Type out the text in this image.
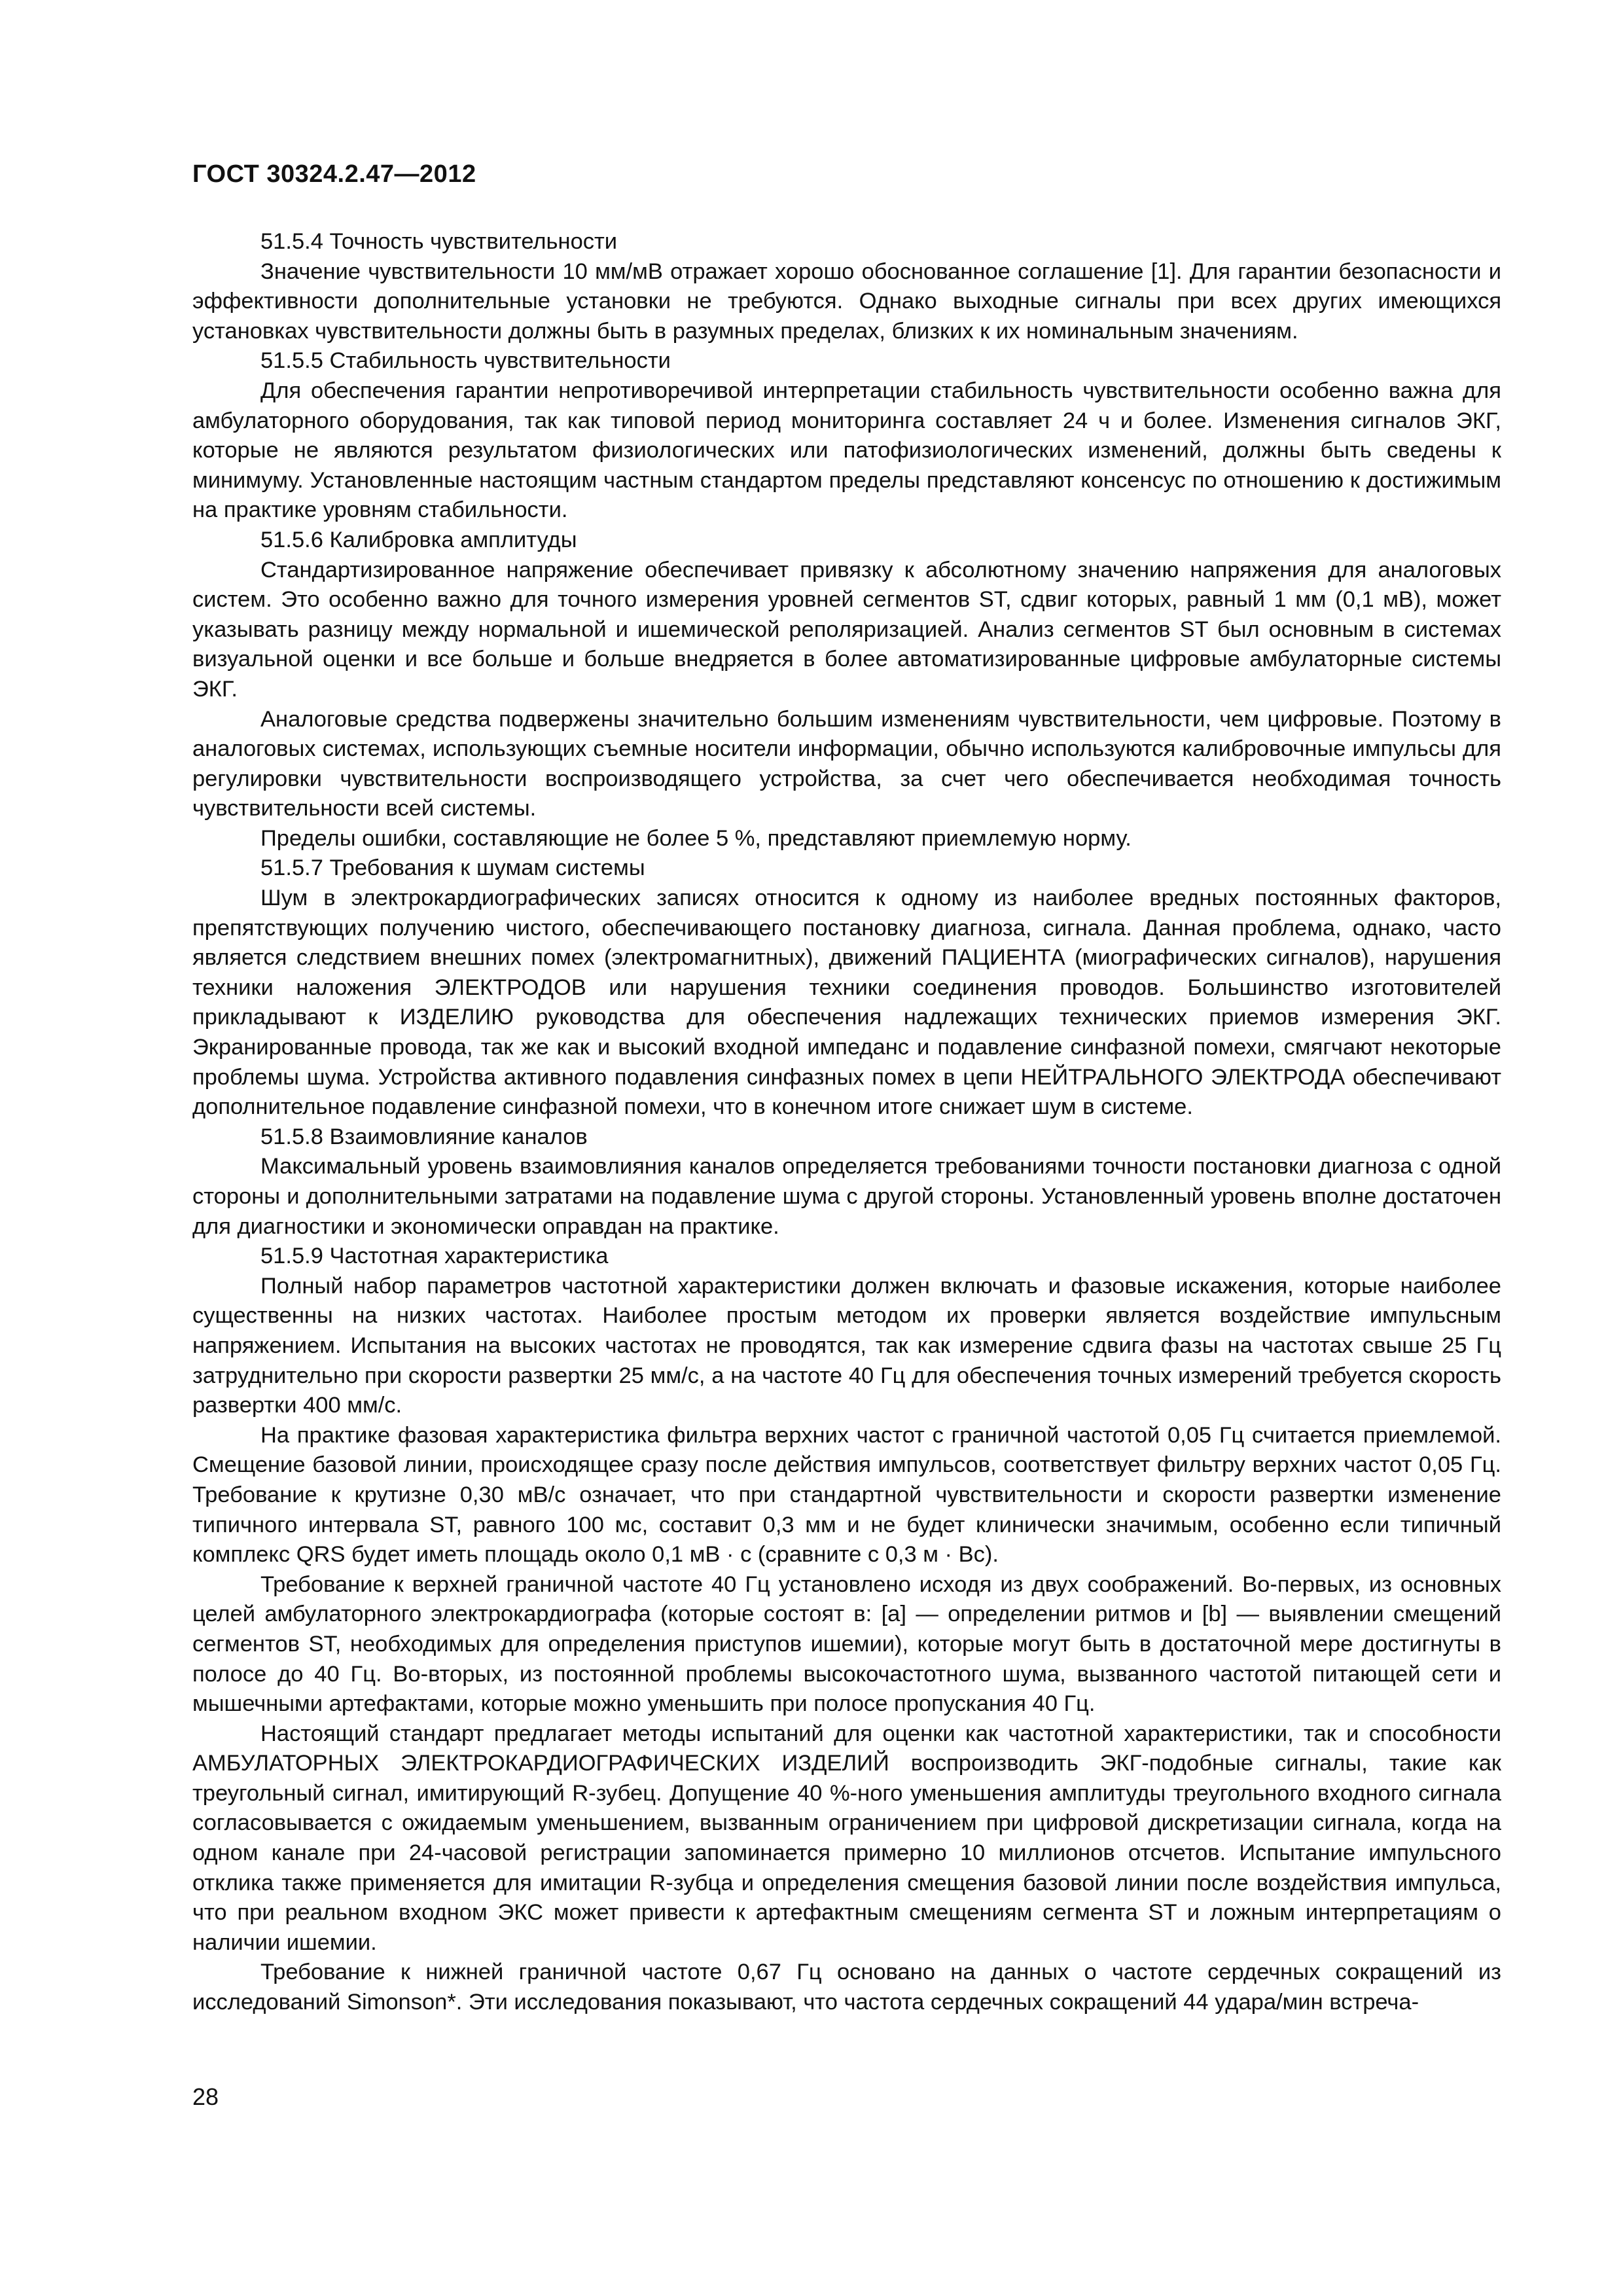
ГОСТ 30324.2.47—2012

51.5.4 Точность чувствительности

Значение чувствительности 10 мм/мВ отражает хорошо обоснованное соглашение [1]. Для гарантии безопасности и эффективности дополнительные установки не требуются. Однако выходные сигналы при всех других имеющихся установках чувствительности должны быть в разумных пределах, близких к их номинальным значениям.

51.5.5 Стабильность чувствительности

Для обеспечения гарантии непротиворечивой интерпретации стабильность чувствительности особенно важна для амбулаторного оборудования, так как типовой период мониторинга составляет 24 ч и более. Изменения сигналов ЭКГ, которые не являются результатом физиологических или патофизиологических изменений, должны быть сведены к минимуму. Установленные настоящим частным стандартом пределы представляют консенсус по отношению к достижимым на практике уровням стабильности.

51.5.6 Калибровка амплитуды

Стандартизированное напряжение обеспечивает привязку к абсолютному значению напряжения для аналоговых систем. Это особенно важно для точного измерения уровней сегментов ST, сдвиг которых, равный 1 мм (0,1 мВ), может указывать разницу между нормальной и ишемической реполяризацией. Анализ сегментов ST был основным в системах визуальной оценки и все больше и больше внедряется в более автоматизированные цифровые амбулаторные системы ЭКГ.

Аналоговые средства подвержены значительно большим изменениям чувствительности, чем цифровые. Поэтому в аналоговых системах, использующих съемные носители информации, обычно используются калибровочные импульсы для регулировки чувствительности воспроизводящего устройства, за счет чего обеспечивается необходимая точность чувствительности всей системы.

Пределы ошибки, составляющие не более 5 %, представляют приемлемую норму.

51.5.7 Требования к шумам системы

Шум в электрокардиографических записях относится к одному из наиболее вредных постоянных факторов, препятствующих получению чистого, обеспечивающего постановку диагноза, сигнала. Данная проблема, однако, часто является следствием внешних помех (электромагнитных), движений ПАЦИЕНТА (миографических сигналов), нарушения техники наложения ЭЛЕКТРОДОВ или нарушения техники соединения проводов. Большинство изготовителей прикладывают к ИЗДЕЛИЮ руководства для обеспечения надлежащих технических приемов измерения ЭКГ. Экранированные провода, так же как и высокий входной импеданс и подавление синфазной помехи, смягчают некоторые проблемы шума. Устройства активного подавления синфазных помех в цепи НЕЙТРАЛЬНОГО ЭЛЕКТРОДА обеспечивают дополнительное подавление синфазной помехи, что в конечном итоге снижает шум в системе.

51.5.8 Взаимовлияние каналов

Максимальный уровень взаимовлияния каналов определяется требованиями точности постановки диагноза с одной стороны и дополнительными затратами на подавление шума с другой стороны. Установленный уровень вполне достаточен для диагностики и экономически оправдан на практике.

51.5.9 Частотная характеристика

Полный набор параметров частотной характеристики должен включать и фазовые искажения, которые наиболее существенны на низких частотах. Наиболее простым методом их проверки является воздействие импульсным напряжением. Испытания на высоких частотах не проводятся, так как измерение сдвига фазы на частотах свыше 25 Гц затруднительно при скорости развертки 25 мм/с, а на частоте 40 Гц для обеспечения точных измерений требуется скорость развертки 400 мм/с.

На практике фазовая характеристика фильтра верхних частот с граничной частотой 0,05 Гц считается приемлемой. Смещение базовой линии, происходящее сразу после действия импульсов, соответствует фильтру верхних частот 0,05 Гц. Требование к крутизне 0,30 мВ/с означает, что при стандартной чувствительности и скорости развертки изменение типичного интервала ST, равного 100 мс, составит 0,3 мм и не будет клинически значимым, особенно если типичный комплекс QRS будет иметь площадь около 0,1 мВ · с (сравните с 0,3 м · Вс).

Требование к верхней граничной частоте 40 Гц установлено исходя из двух соображений. Во-первых, из основных целей амбулаторного электрокардиографа (которые состоят в: [a] — определении ритмов и [b] — выявлении смещений сегментов ST, необходимых для определения приступов ишемии), которые могут быть в достаточной мере достигнуты в полосе до 40 Гц. Во-вторых, из постоянной проблемы высокочастотного шума, вызванного частотой питающей сети и мышечными артефактами, которые можно уменьшить при полосе пропускания 40 Гц.

Настоящий стандарт предлагает методы испытаний для оценки как частотной характеристики, так и способности АМБУЛАТОРНЫХ ЭЛЕКТРОКАРДИОГРАФИЧЕСКИХ ИЗДЕЛИЙ воспроизводить ЭКГ-подобные сигналы, такие как треугольный сигнал, имитирующий R-зубец. Допущение 40 %-ного уменьшения амплитуды треугольного входного сигнала согласовывается с ожидаемым уменьшением, вызванным ограничением при цифровой дискретизации сигнала, когда на одном канале при 24-часовой регистрации запоминается примерно 10 миллионов отсчетов. Испытание импульсного отклика также применяется для имитации R-зубца и определения смещения базовой линии после воздействия импульса, что при реальном входном ЭКС может привести к артефактным смещениям сегмента ST и ложным интерпретациям о наличии ишемии.

Требование к нижней граничной частоте 0,67 Гц основано на данных о частоте сердечных сокращений из исследований Simonson*. Эти исследования показывают, что частота сердечных сокращений 44 удара/мин встреча-

28
